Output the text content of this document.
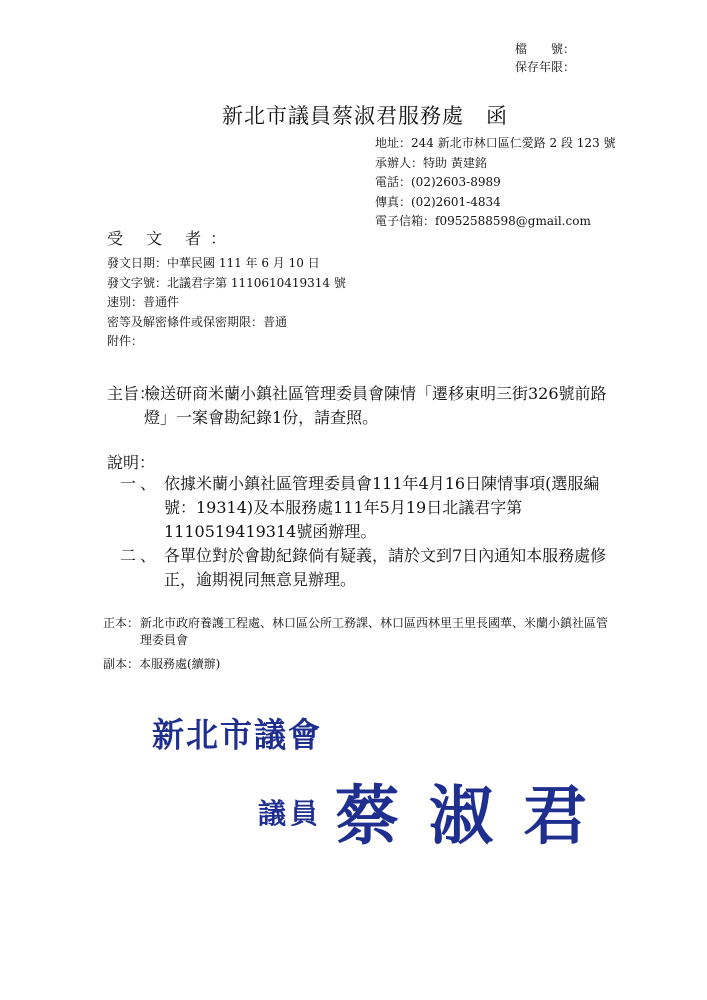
檔　　號：
保存年限：
新北市議員蔡淑君服務處　函
地址：244 新北市林口區仁愛路 2 段 123 號
承辦人：特助 黃建銘
電話：(02)2603-8989
傳真：(02)2601-4834
電子信箱：f0952588598@gmail.com
受 文 者：
發文日期：中華民國 111 年 6 月 10 日
發文字號：北議君字第 1110610419314 號
速別：普通件
密等及解密條件或保密期限：普通
附件：
主旨：
檢送研商米蘭小鎮社區管理委員會陳情「遷移東明三街326號前路燈」一案會勘紀錄1份，請查照。
說明：
一、 依據米蘭小鎮社區管理委員會111年4月16日陳情事項(選服編號：19314)及本服務處111年5月19日北議君字第1110519419314號函辦理。
二、 各單位對於會勘紀錄倘有疑義，請於文到7日內通知本服務處修正，逾期視同無意見辦理。
正本： 新北市政府養護工程處、林口區公所工務課、林口區西林里王里長國華、米蘭小鎮社區管理委員會
副本：本服務處(續辦)
新北市議會
議員 蔡淑君
